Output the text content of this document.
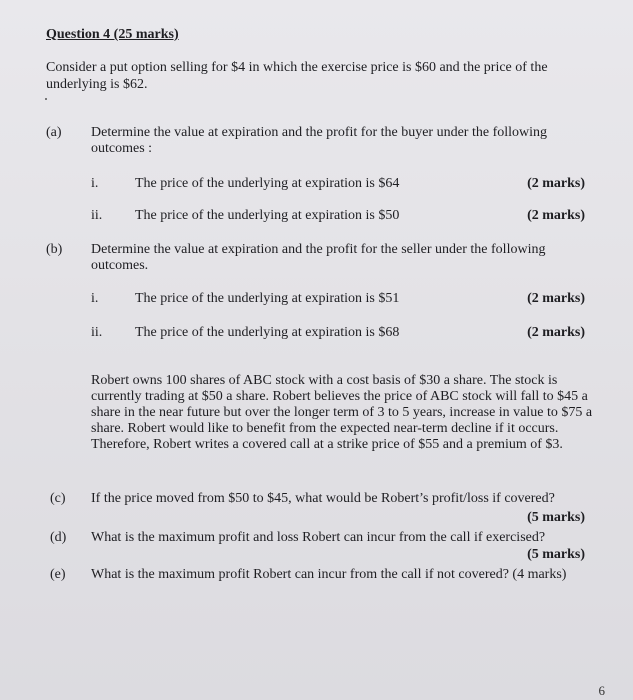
Question 4 (25 marks)
Consider a put option selling for $4 in which the exercise price is $60 and the price of the underlying is $62.
(a) Determine the value at expiration and the profit for the buyer under the following outcomes :
i.	The price of the underlying at expiration is $64	(2 marks)
ii. The price of the underlying at expiration is $50	(2 marks)
(b) Determine the value at expiration and the profit for the seller under the following outcomes.
i.	The price of the underlying at expiration is $51	(2 marks)
ii. The price of the underlying at expiration is $68	(2 marks)
Robert owns 100 shares of ABC stock with a cost basis of $30 a share. The stock is currently trading at $50 a share. Robert believes the price of ABC stock will fall to $45 a share in the near future but over the longer term of 3 to 5 years, increase in value to $75 a share. Robert would like to benefit from the expected near-term decline if it occurs. Therefore, Robert writes a covered call at a strike price of $55 and a premium of $3.
(c) If the price moved from $50 to $45, what would be Robert’s profit/loss if covered?
(5 marks)
(d) What is the maximum profit and loss Robert can incur from the call if exercised?
(5 marks)
(e) What is the maximum profit Robert can incur from the call if not covered? (4 marks)
6
